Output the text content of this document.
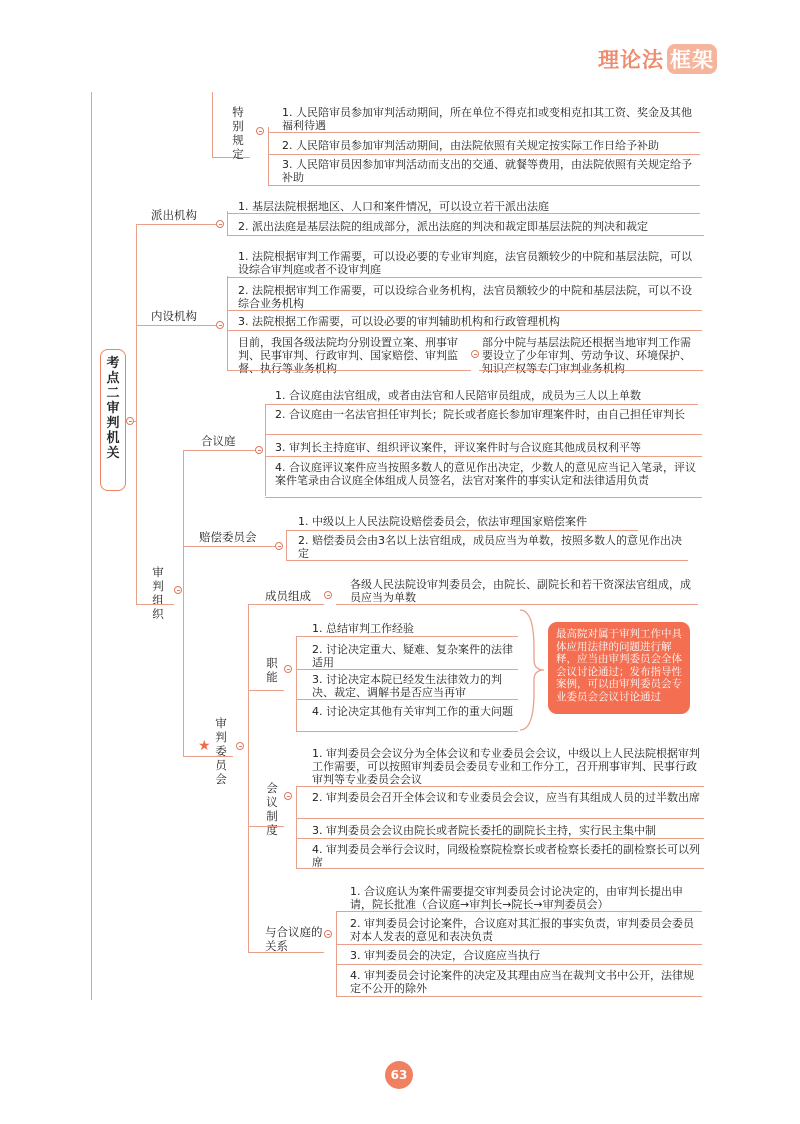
理论法 框架
考点二 审判机关
特别规定
1. 人民陪审员参加审判活动期间，所在单位不得克扣或变相克扣其工资、奖金及其他福利待遇
2. 人民陪审员参加审判活动期间，由法院依照有关规定按实际工作日给予补助
3. 人民陪审员因参加审判活动而支出的交通、就餐等费用，由法院依照有关规定给予补助
派出机构
1. 基层法院根据地区、人口和案件情况，可以设立若干派出法庭
2. 派出法庭是基层法院的组成部分，派出法庭的判决和裁定即基层法院的判决和裁定
内设机构
1. 法院根据审判工作需要，可以设必要的专业审判庭，法官员额较少的中院和基层法院，可以设综合审判庭或者不设审判庭
2. 法院根据审判工作需要，可以设综合业务机构，法官员额较少的中院和基层法院，可以不设综合业务机构
3. 法院根据工作需要，可以设必要的审判辅助机构和行政管理机构
目前，我国各级法院均分别设置立案、刑事审判、民事审判、行政审判、国家赔偿、审判监督、执行等业务机构
部分中院与基层法院还根据当地审判工作需要设立了少年审判、劳动争议、环境保护、知识产权等专门审判业务机构
审判组织
合议庭
1. 合议庭由法官组成，或者由法官和人民陪审员组成，成员为三人以上单数
2. 合议庭由一名法官担任审判长；院长或者庭长参加审理案件时，由自己担任审判长
3. 审判长主持庭审、组织评议案件，评议案件时与合议庭其他成员权利平等
4. 合议庭评议案件应当按照多数人的意见作出决定，少数人的意见应当记入笔录，评议案件笔录由合议庭全体组成人员签名，法官对案件的事实认定和法律适用负责
赔偿委员会
1. 中级以上人民法院设赔偿委员会，依法审理国家赔偿案件
2. 赔偿委员会由3名以上法官组成，成员应当为单数，按照多数人的意见作出决定
★
审判委员会
成员组成
各级人民法院设审判委员会，由院长、副院长和若干资深法官组成，成员应当为单数
职能
1. 总结审判工作经验
2. 讨论决定重大、疑难、复杂案件的法律适用
3. 讨论决定本院已经发生法律效力的判决、裁定、调解书是否应当再审
4. 讨论决定其他有关审判工作的重大问题
最高院对属于审判工作中具体应用法律的问题进行解释，应当由审判委员会全体会议讨论通过；发布指导性案例，可以由审判委员会专业委员会会议讨论通过
会议制度
1. 审判委员会会议分为全体会议和专业委员会会议，中级以上人民法院根据审判工作需要，可以按照审判委员会委员专业和工作分工，召开刑事审判、民事行政审判等专业委员会会议
2. 审判委员会召开全体会议和专业委员会会议，应当有其组成人员的过半数出席
3. 审判委员会会议由院长或者院长委托的副院长主持，实行民主集中制
4. 审判委员会举行会议时，同级检察院检察长或者检察长委托的副检察长可以列席
与合议庭的关系
1. 合议庭认为案件需要提交审判委员会讨论决定的，由审判长提出申请，院长批准（合议庭→审判长→院长→审判委员会）
2. 审判委员会讨论案件，合议庭对其汇报的事实负责，审判委员会委员对本人发表的意见和表决负责
3. 审判委员会的决定，合议庭应当执行
4. 审判委员会讨论案件的决定及其理由应当在裁判文书中公开，法律规定不公开的除外
63
